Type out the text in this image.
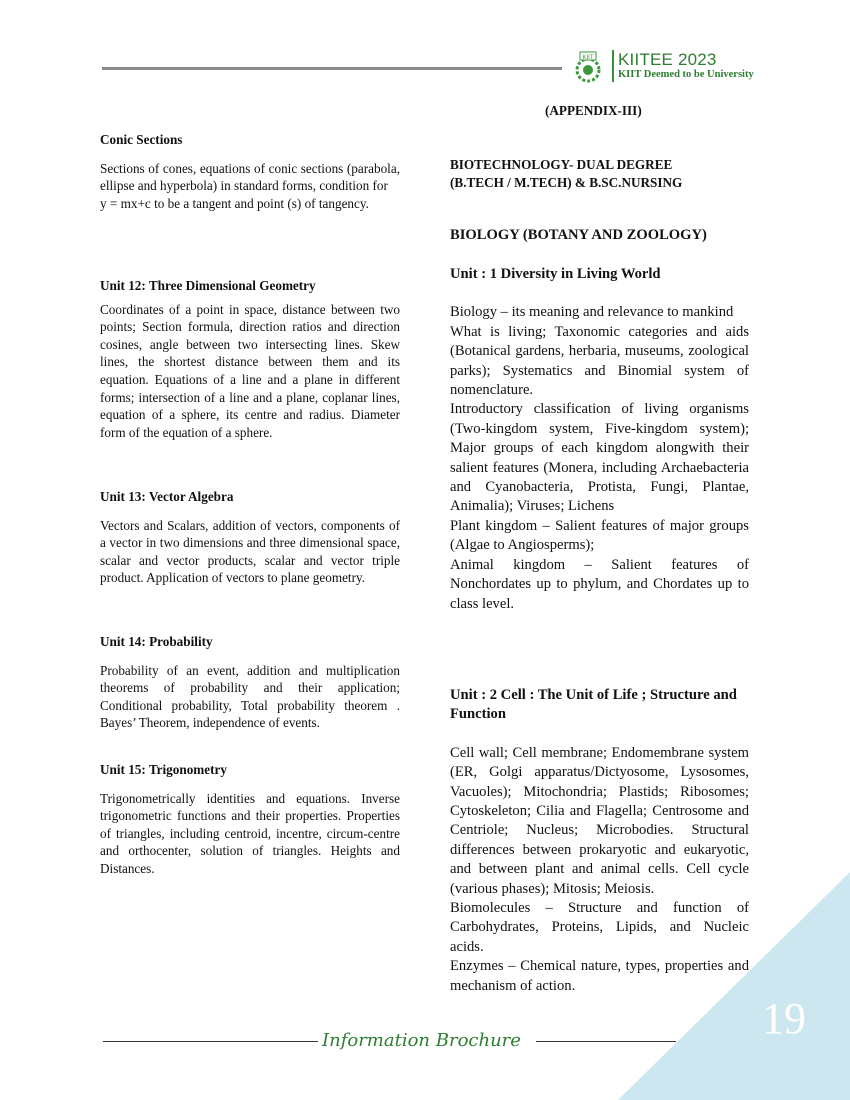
KIIT KIITEE 2023
KIIT Deemed to be University

Conic Sections

Sections of cones, equations of conic sections (parabola, ellipse and hyperbola) in standard forms, condition for

y = mx+c to be a tangent and point (s) of tangency.

Unit 12: Three Dimensional Geometry

Coordinates of a point in space, distance between two points; Section formula, direction ratios and direction cosines, angle between two intersecting lines. Skew lines, the shortest distance between them and its equation. Equations of a line and a plane in different forms; intersection of a line and a plane, coplanar lines, equation of a sphere, its centre and radius. Diameter form of the equation of a sphere.

Unit 13: Vector Algebra

Vectors and Scalars, addition of vectors, components of a vector in two dimensions and three dimensional space, scalar and vector products, scalar and vector triple product. Application of vectors to plane geometry.

Unit 14: Probability

Probability of an event, addition and multiplication theorems of probability and their application; Conditional probability, Total probability theorem . Bayes’ Theorem, independence of events.

Unit 15: Trigonometry

Trigonometrically identities and equations. Inverse trigonometric functions and their properties. Properties of triangles, including centroid, incentre, circum-centre and orthocenter, solution of triangles. Heights and Distances.

(APPENDIX-III)

BIOTECHNOLOGY- DUAL DEGREE

(B.TECH / M.TECH) & B.SC.NURSING

BIOLOGY (BOTANY AND ZOOLOGY)

Unit : 1 Diversity in Living World

Biology – its meaning and relevance to mankind

What is living; Taxonomic categories and aids (Botanical gardens, herbaria, museums, zoological parks); Systematics and Binomial system of nomenclature.

Introductory classification of living organisms (Two-kingdom system, Five-kingdom system); Major groups of each kingdom alongwith their salient features (Monera, including Archaebacteria and Cyanobacteria, Protista, Fungi, Plantae, Animalia); Viruses; Lichens

Plant kingdom – Salient features of major groups (Algae to Angiosperms);

Animal kingdom – Salient features of Nonchordates up to phylum, and Chordates up to class level.

Unit : 2 Cell : The Unit of Life ; Structure and Function

Cell wall; Cell membrane; Endomembrane system (ER, Golgi apparatus/Dictyosome, Lysosomes, Vacuoles); Mitochondria; Plastids; Ribosomes; Cytoskeleton; Cilia and Flagella; Centrosome and Centriole; Nucleus; Microbodies. Structural differences between prokaryotic and eukaryotic, and between plant and animal cells. Cell cycle (various phases); Mitosis; Meiosis.

Biomolecules – Structure and function of Carbohydrates, Proteins, Lipids, and Nucleic acids.

Enzymes – Chemical nature, types, properties and mechanism of action.

19
Information Brochure
